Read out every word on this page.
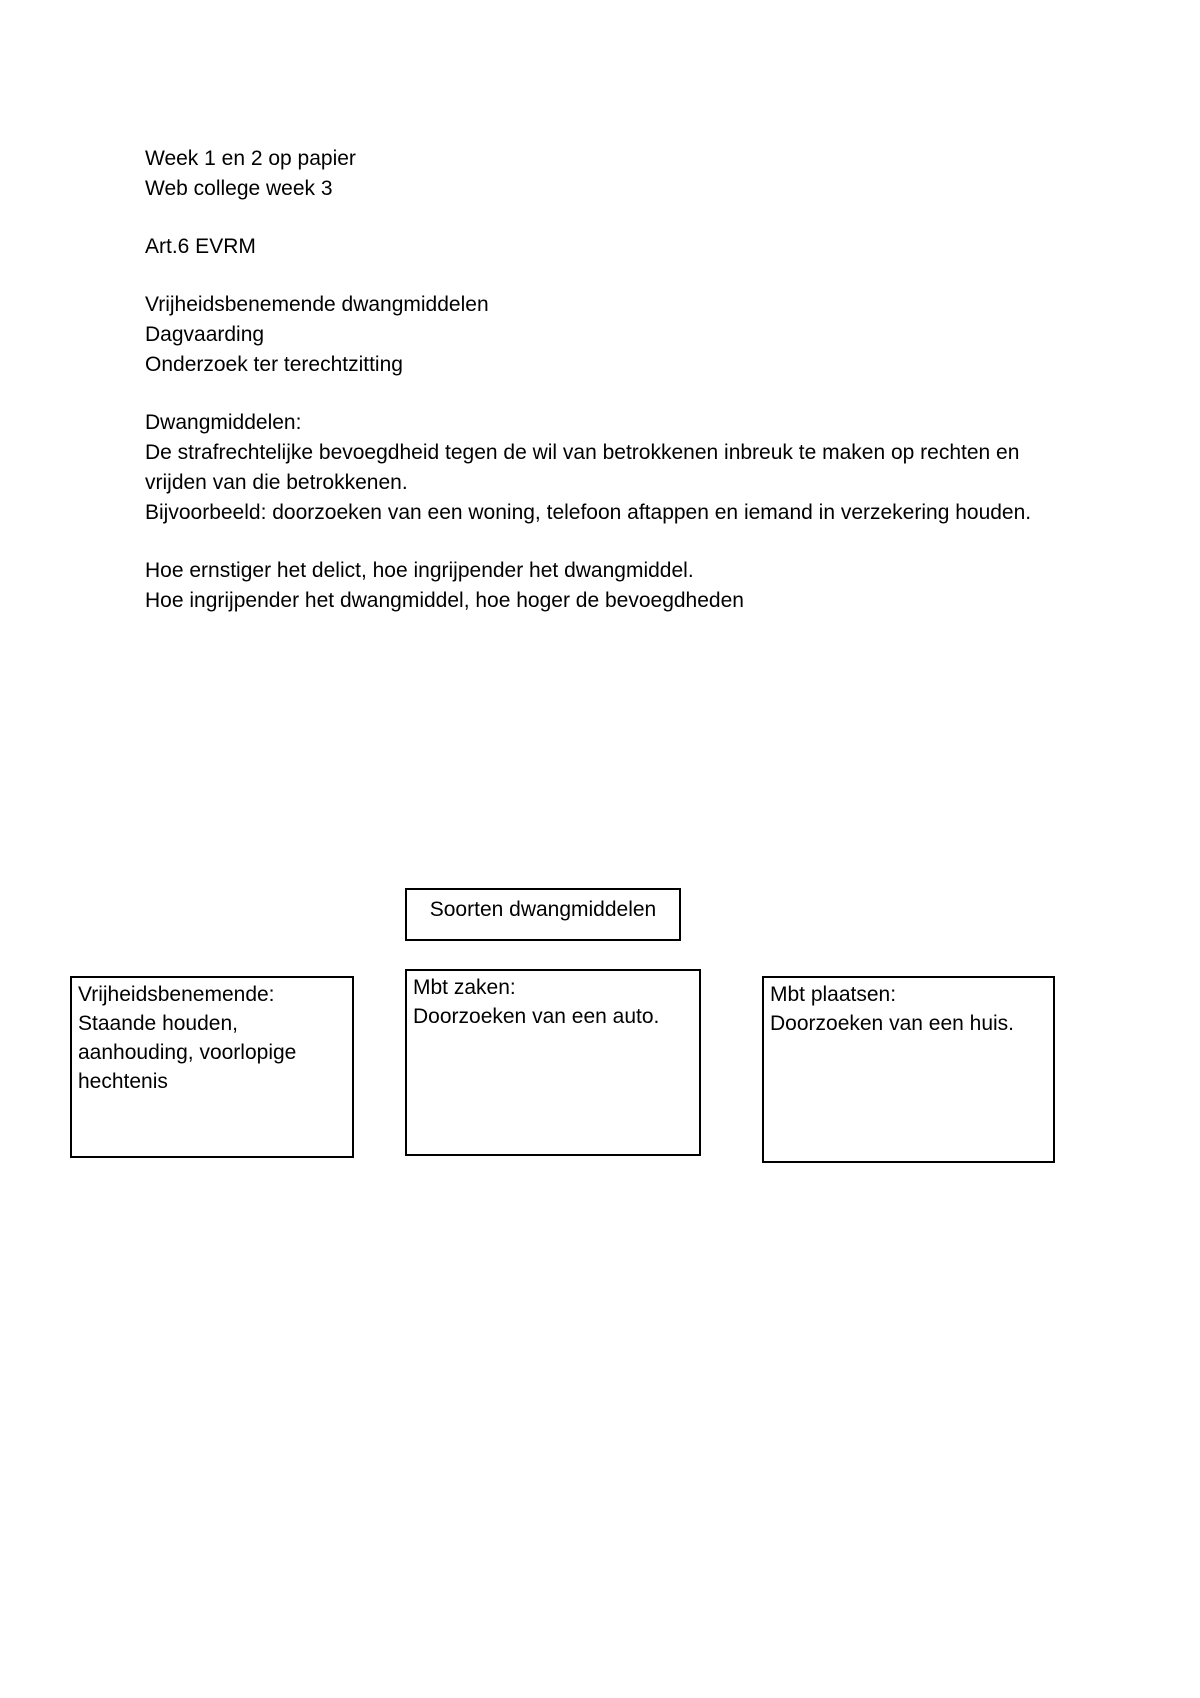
Week 1 en 2 op papier

Web college week 3

Art.6 EVRM

Vrijheidsbenemende dwangmiddelen

Dagvaarding

Onderzoek ter terechtzitting

Dwangmiddelen:

De strafrechtelijke bevoegdheid tegen de wil van betrokkenen inbreuk te maken op rechten en vrijden van die betrokkenen.

Bijvoorbeeld: doorzoeken van een woning, telefoon aftappen en iemand in verzekering houden.

Hoe ernstiger het delict, hoe ingrijpender het dwangmiddel.

Hoe ingrijpender het dwangmiddel, hoe hoger de bevoegdheden

Soorten dwangmiddelen

Vrijheidsbenemende:

Staande houden, aanhouding, voorlopige hechtenis

Mbt zaken:

Doorzoeken van een auto.

Mbt plaatsen:

Doorzoeken van een huis.
